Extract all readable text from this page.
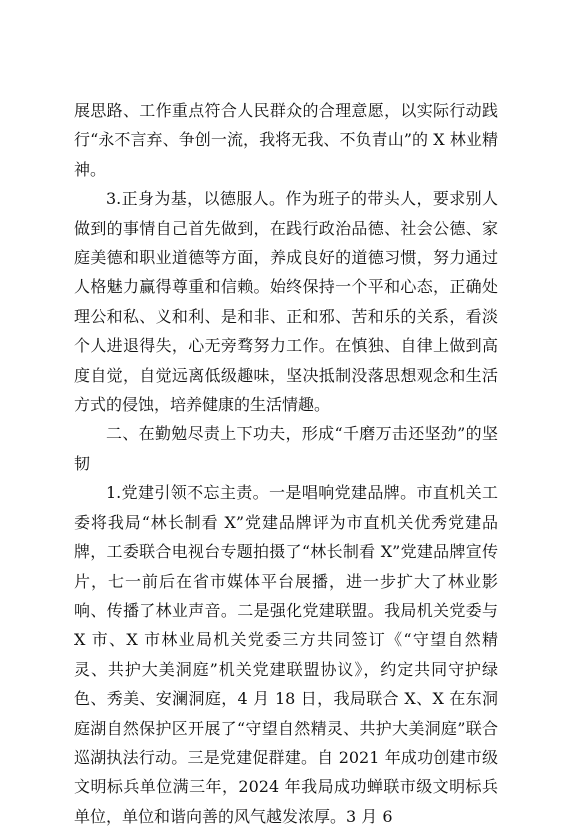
展思路、工作重点符合人民群众的合理意愿，以实际行动践行“永不言弃、争创一流，我将无我、不负青山”的 X 林业精神。

3.正身为基，以德服人。作为班子的带头人，要求别人做到的事情自己首先做到，在践行政治品德、社会公德、家庭美德和职业道德等方面，养成良好的道德习惯，努力通过人格魅力赢得尊重和信赖。始终保持一个平和心态，正确处理公和私、义和利、是和非、正和邪、苦和乐的关系，看淡个人进退得失，心无旁骛努力工作。在慎独、自律上做到高度自觉，自觉远离低级趣味，坚决抵制没落思想观念和生活方式的侵蚀，培养健康的生活情趣。

二、在勤勉尽责上下功夫，形成“千磨万击还坚劲”的坚韧

1.党建引领不忘主责。一是唱响党建品牌。市直机关工委将我局“林长制看 X”党建品牌评为市直机关优秀党建品牌，工委联合电视台专题拍摄了“林长制看 X”党建品牌宣传片，七一前后在省市媒体平台展播，进一步扩大了林业影响、传播了林业声音。二是强化党建联盟。我局机关党委与 X 市、X 市林业局机关党委三方共同签订《“守望自然精灵、共护大美洞庭”机关党建联盟协议》，约定共同守护绿色、秀美、安澜洞庭，4 月 18 日，我局联合 X、X 在东洞庭湖自然保护区开展了“守望自然精灵、共护大美洞庭”联合巡湖执法行动。三是党建促群建。自 2021 年成功创建市级文明标兵单位满三年，2024 年我局成功蝉联市级文明标兵单位，单位和谐向善的风气越发浓厚。3 月 6
